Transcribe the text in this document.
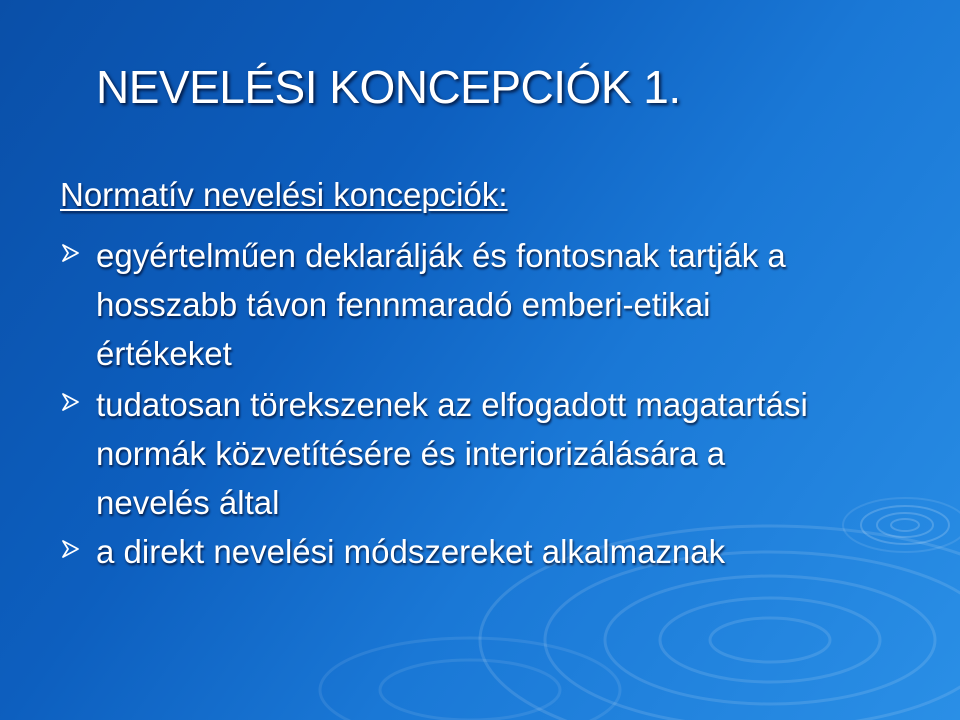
NEVELÉSI KONCEPCIÓK 1.
Normatív nevelési koncepciók:
egyértelműen deklarálják és fontosnak tartják a hosszabb távon fennmaradó emberi-etikai értékeket
tudatosan törekszenek az elfogadott magatartási normák közvetítésére és interiorizálására a nevelés által
a direkt nevelési módszereket alkalmaznak
